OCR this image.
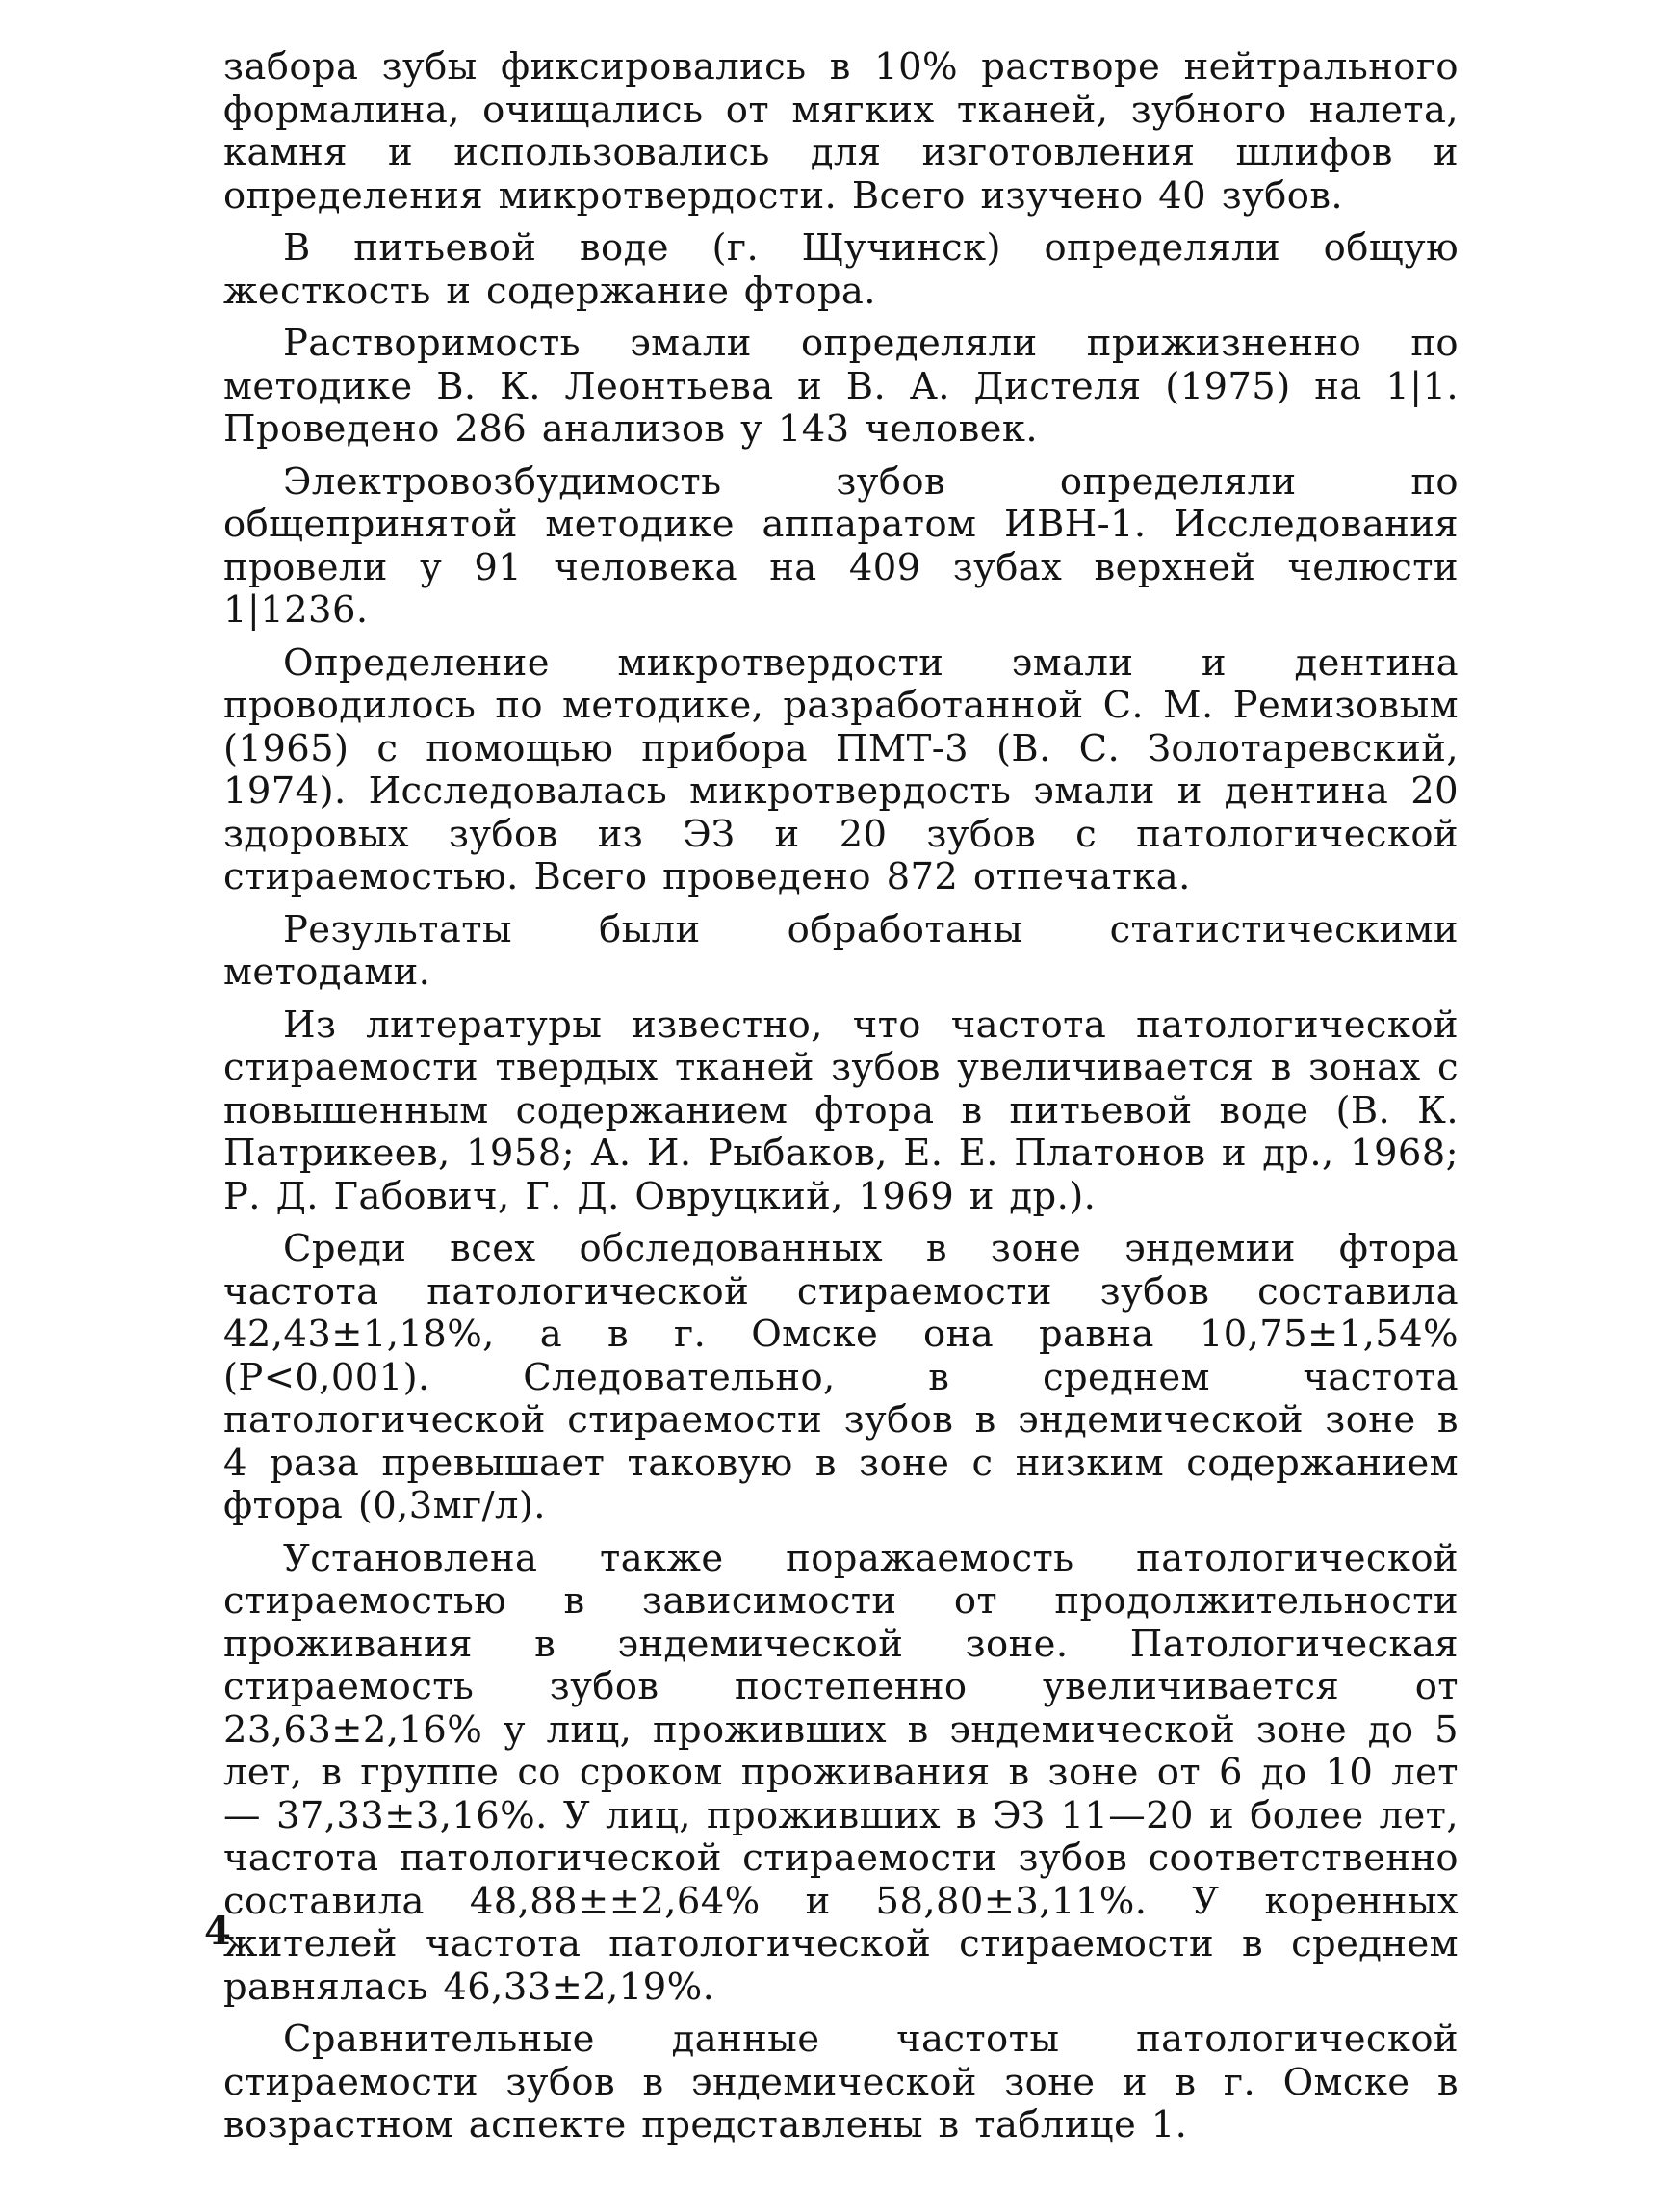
забора зубы фиксировались в 10% растворе нейтрального формалина, очищались от мягких тканей, зубного налета, камня и использовались для изготовления шлифов и определения микротвердости. Всего изучено 40 зубов.

В питьевой воде (г. Щучинск) определяли общую жесткость и содержание фтора.

Растворимость эмали определяли прижизненно по методике В. К. Леонтьева и В. А. Дистеля (1975) на 1|1. Проведено 286 анализов у 143 человек.

Электровозбудимость зубов определяли по общепринятой методике аппаратом ИВН-1. Исследования провели у 91 человека на 409 зубах верхней челюсти 1|1236.

Определение микротвердости эмали и дентина проводилось по методике, разработанной С. М. Ремизовым (1965) с помощью прибора ПМТ-3 (В. С. Золотаревский, 1974). Исследовалась микротвердость эмали и дентина 20 здоровых зубов из ЭЗ и 20 зубов с патологической стираемостью. Всего проведено 872 отпечатка.

Результаты были обработаны статистическими методами.

Из литературы известно, что частота патологической стираемости твердых тканей зубов увеличивается в зонах с повышенным содержанием фтора в питьевой воде (В. К. Патрикеев, 1958; А. И. Рыбаков, Е. Е. Платонов и др., 1968; Р. Д. Габович, Г. Д. Овруцкий, 1969 и др.).

Среди всех обследованных в зоне эндемии фтора частота патологической стираемости зубов составила 42,43±1,18%, а в г. Омске она равна 10,75±1,54% (Р<0,001). Следовательно, в среднем частота патологической стираемости зубов в эндемической зоне в 4 раза превышает таковую в зоне с низким содержанием фтора (0,3мг/л).

Установлена также поражаемость патологической стираемостью в зависимости от продолжительности проживания в эндемической зоне. Патологическая стираемость зубов постепенно увеличивается от 23,63±2,16% у лиц, проживших в эндемической зоне до 5 лет, в группе со сроком проживания в зоне от 6 до 10 лет — 37,33±3,16%. У лиц, проживших в ЭЗ 11—20 и более лет, частота патологической стираемости зубов соответственно составила 48,88±±2,64% и 58,80±3,11%. У коренных жителей частота патологической стираемости в среднем равнялась 46,33±2,19%.

Сравнительные данные частоты патологической стираемости зубов в эндемической зоне и в г. Омске в возрастном аспекте представлены в таблице 1.

4
